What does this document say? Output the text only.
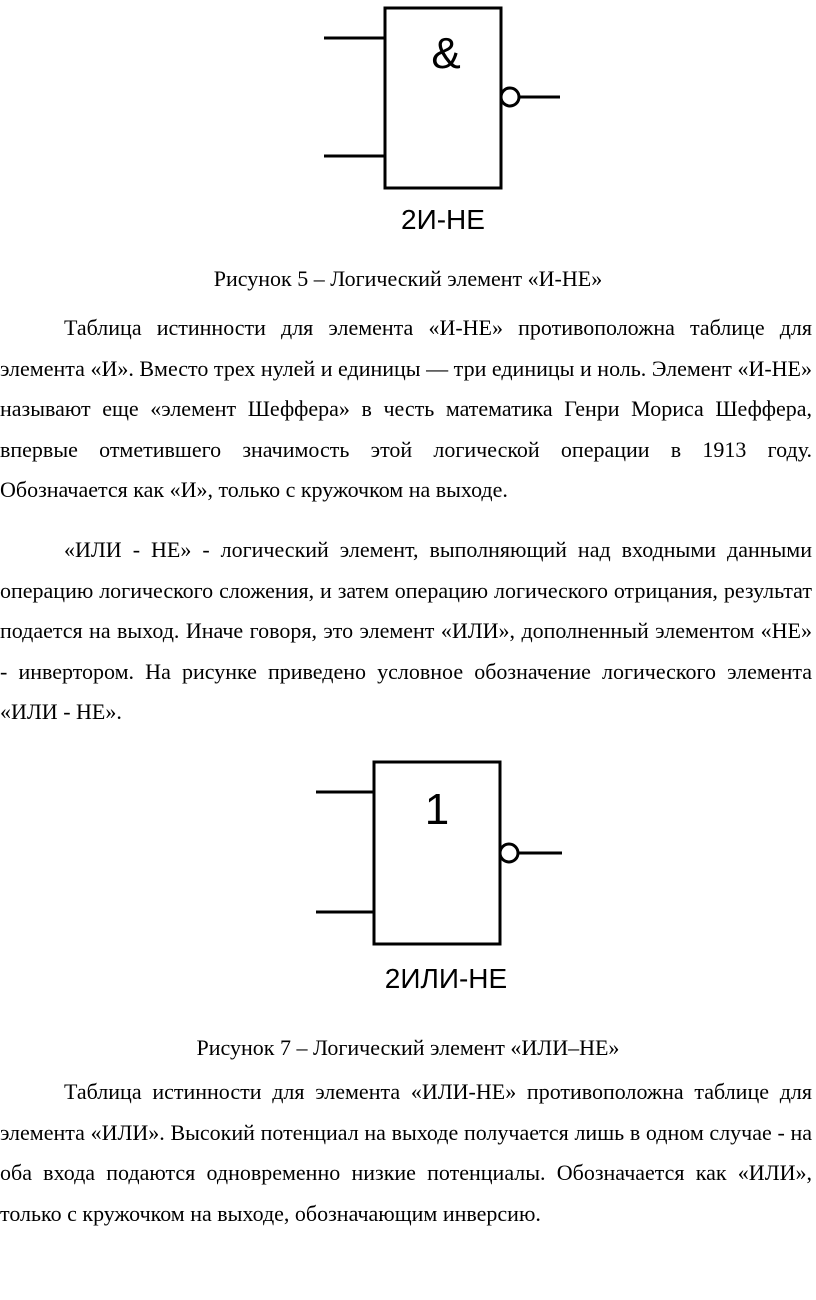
&
2И-НЕ

Рисунок 5 – Логический элемент «И-НЕ»

Таблица истинности для элемента «И-НЕ» противоположна таблице для элемента «И». Вместо трех нулей и единицы — три единицы и ноль. Элемент «И-НЕ» называют еще «элемент Шеффера» в честь математика Генри Мориса Шеффера, впервые отметившего значимость этой логической операции в 1913 году. Обозначается как «И», только с кружочком на выходе.

«ИЛИ - НЕ» - логический элемент, выполняющий над входными данными операцию логического сложения, и затем операцию логического отрицания, результат подается на выход. Иначе говоря, это элемент «ИЛИ», дополненный элементом «НЕ» - инвертором. На рисунке приведено условное обозначение логического элемента «ИЛИ - НЕ».

1
2ИЛИ-НЕ

Рисунок 7 – Логический элемент «ИЛИ–НЕ»

Таблица истинности для элемента «ИЛИ-НЕ» противоположна таблице для элемента «ИЛИ». Высокий потенциал на выходе получается лишь в одном случае - на оба входа подаются одновременно низкие потенциалы. Обозначается как «ИЛИ», только с кружочком на выходе, обозначающим инверсию.
